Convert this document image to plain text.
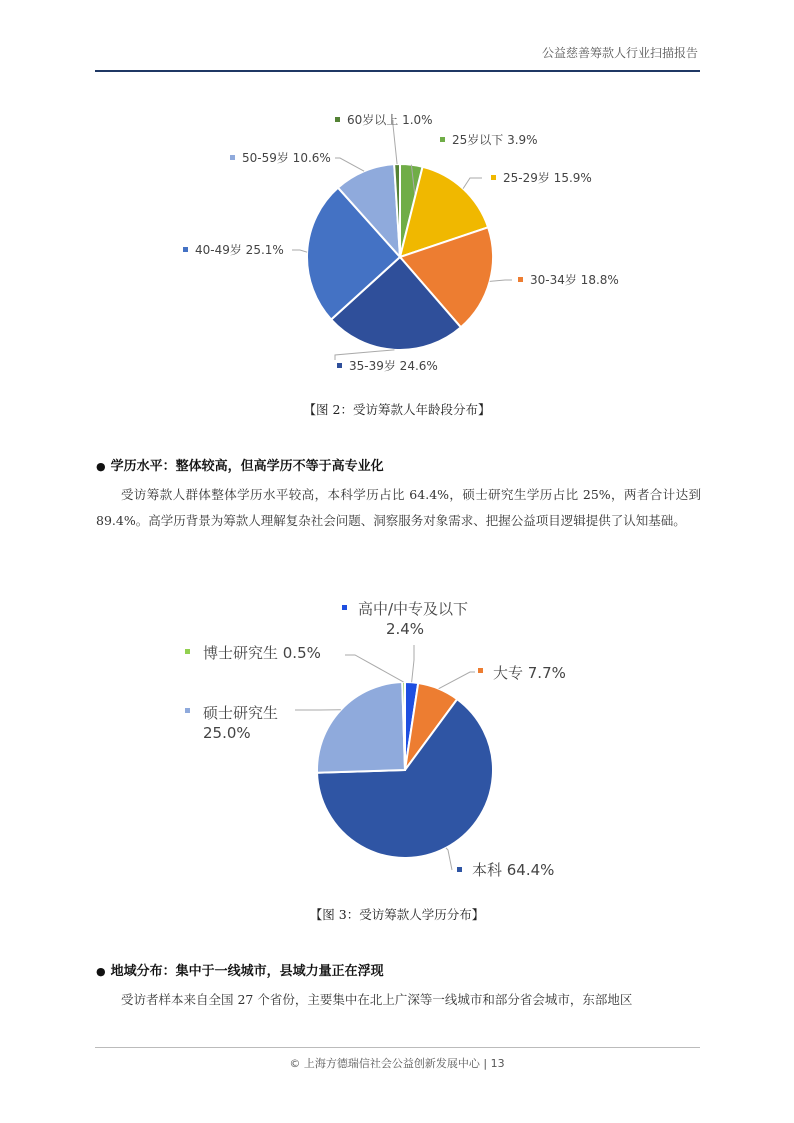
公益慈善筹款人行业扫描报告
25岁以下 3.9%
25-29岁 15.9%
30-34岁 18.8%
35-39岁 24.6%
40-49岁 25.1%
50-59岁 10.6%
60岁以上 1.0%
【图 2：受访筹款人年龄段分布】
● 学历水平：整体较高，但高学历不等于高专业化
受访筹款人群体整体学历水平较高，本科学历占比 64.4%，硕士研究生学历占比 25%，两者合计达到 89.4%。高学历背景为筹款人理解复杂社会问题、洞察服务对象需求、把握公益项目逻辑提供了认知基础。
高中/中专及以下
2.4%
大专 7.7%
本科 64.4%
硕士研究生
25.0%
博士研究生 0.5%
【图 3：受访筹款人学历分布】
● 地域分布：集中于一线城市，县域力量正在浮现
受访者样本来自全国 27 个省份，主要集中在北上广深等一线城市和部分省会城市，东部地区
© 上海方德瑞信社会公益创新发展中心 | 13
